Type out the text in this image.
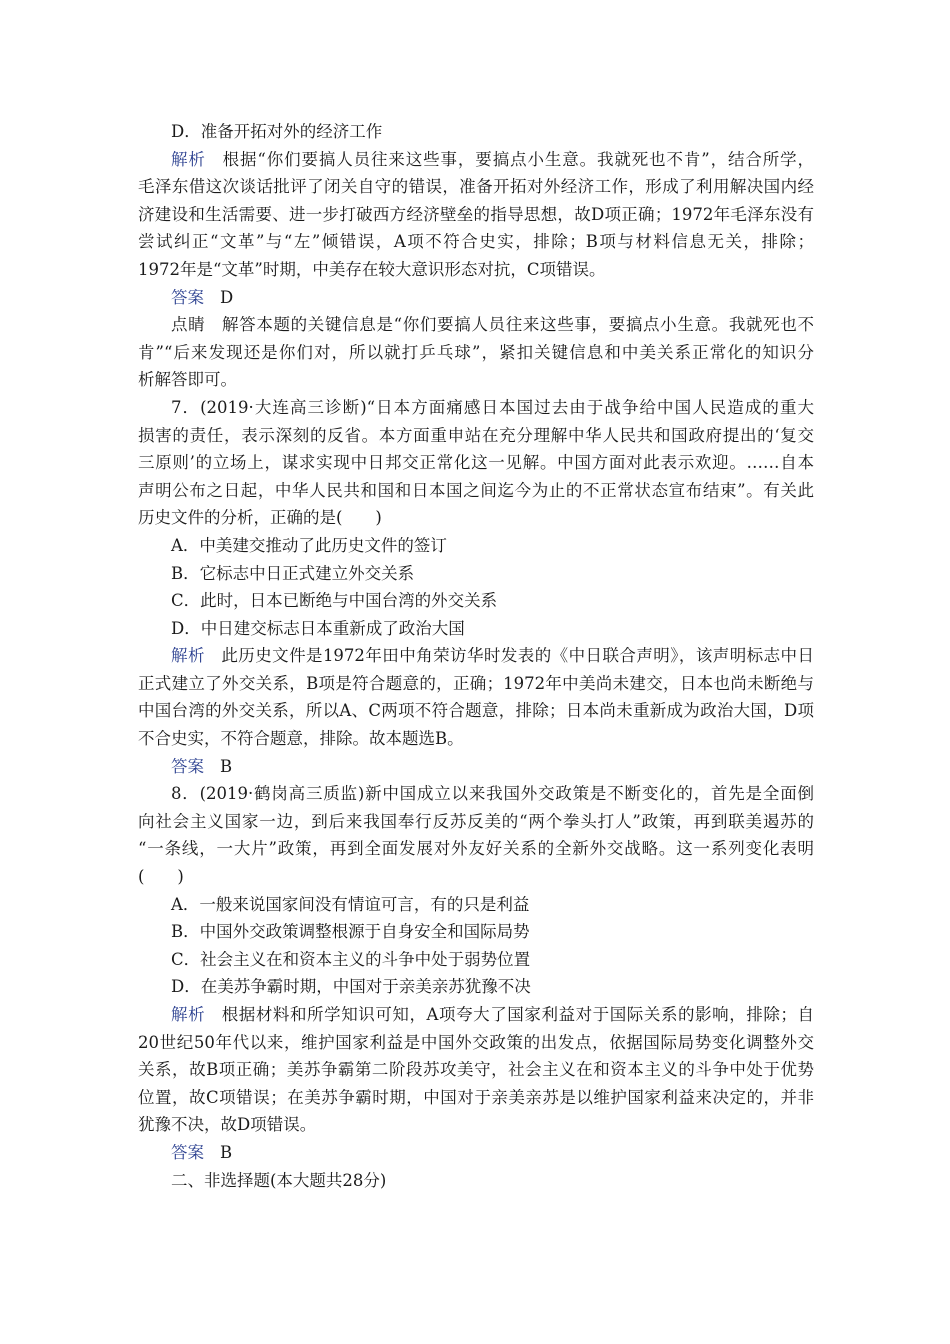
D．准备开拓对外的经济工作
解析 根据“你们要搞人员往来这些事，要搞点小生意。我就死也不肯”，结合所学，
毛泽东借这次谈话批评了闭关自守的错误，准备开拓对外经济工作，形成了利用解决国内经
济建设和生活需要、进一步打破西方经济壁垒的指导思想，故D项正确；1972年毛泽东没有
尝试纠正“文革”与“左”倾错误，A项不符合史实，排除；B项与材料信息无关，排除；
1972年是“文革”时期，中美存在较大意识形态对抗，C项错误。
答案 D
点睛 解答本题的关键信息是“你们要搞人员往来这些事，要搞点小生意。我就死也不
肯”“后来发现还是你们对，所以就打乒乓球”，紧扣关键信息和中美关系正常化的知识分
析解答即可。
7．(2019·大连高三诊断)“日本方面痛感日本国过去由于战争给中国人民造成的重大
损害的责任，表示深刻的反省。本方面重申站在充分理解中华人民共和国政府提出的‘复交
三原则’的立场上，谋求实现中日邦交正常化这一见解。中国方面对此表示欢迎。……自本
声明公布之日起，中华人民共和国和日本国之间迄今为止的不正常状态宣布结束”。有关此
历史文件的分析，正确的是(　　)
A．中美建交推动了此历史文件的签订
B．它标志中日正式建立外交关系
C．此时，日本已断绝与中国台湾的外交关系
D．中日建交标志日本重新成了政治大国
解析 此历史文件是1972年田中角荣访华时发表的《中日联合声明》，该声明标志中日
正式建立了外交关系，B项是符合题意的，正确；1972年中美尚未建交，日本也尚未断绝与
中国台湾的外交关系，所以A、C两项不符合题意，排除；日本尚未重新成为政治大国，D项
不合史实，不符合题意，排除。故本题选B。
答案 B
8．(2019·鹤岗高三质监)新中国成立以来我国外交政策是不断变化的，首先是全面倒
向社会主义国家一边，到后来我国奉行反苏反美的“两个拳头打人”政策，再到联美遏苏的
“一条线，一大片”政策，再到全面发展对外友好关系的全新外交战略。这一系列变化表明
(　　)
A．一般来说国家间没有情谊可言，有的只是利益
B．中国外交政策调整根源于自身安全和国际局势
C．社会主义在和资本主义的斗争中处于弱势位置
D．在美苏争霸时期，中国对于亲美亲苏犹豫不决
解析 根据材料和所学知识可知，A项夸大了国家利益对于国际关系的影响，排除；自
20世纪50年代以来，维护国家利益是中国外交政策的出发点，依据国际局势变化调整外交
关系，故B项正确；美苏争霸第二阶段苏攻美守，社会主义在和资本主义的斗争中处于优势
位置，故C项错误；在美苏争霸时期，中国对于亲美亲苏是以维护国家利益来决定的，并非
犹豫不决，故D项错误。
答案 B
二、非选择题(本大题共28分)
